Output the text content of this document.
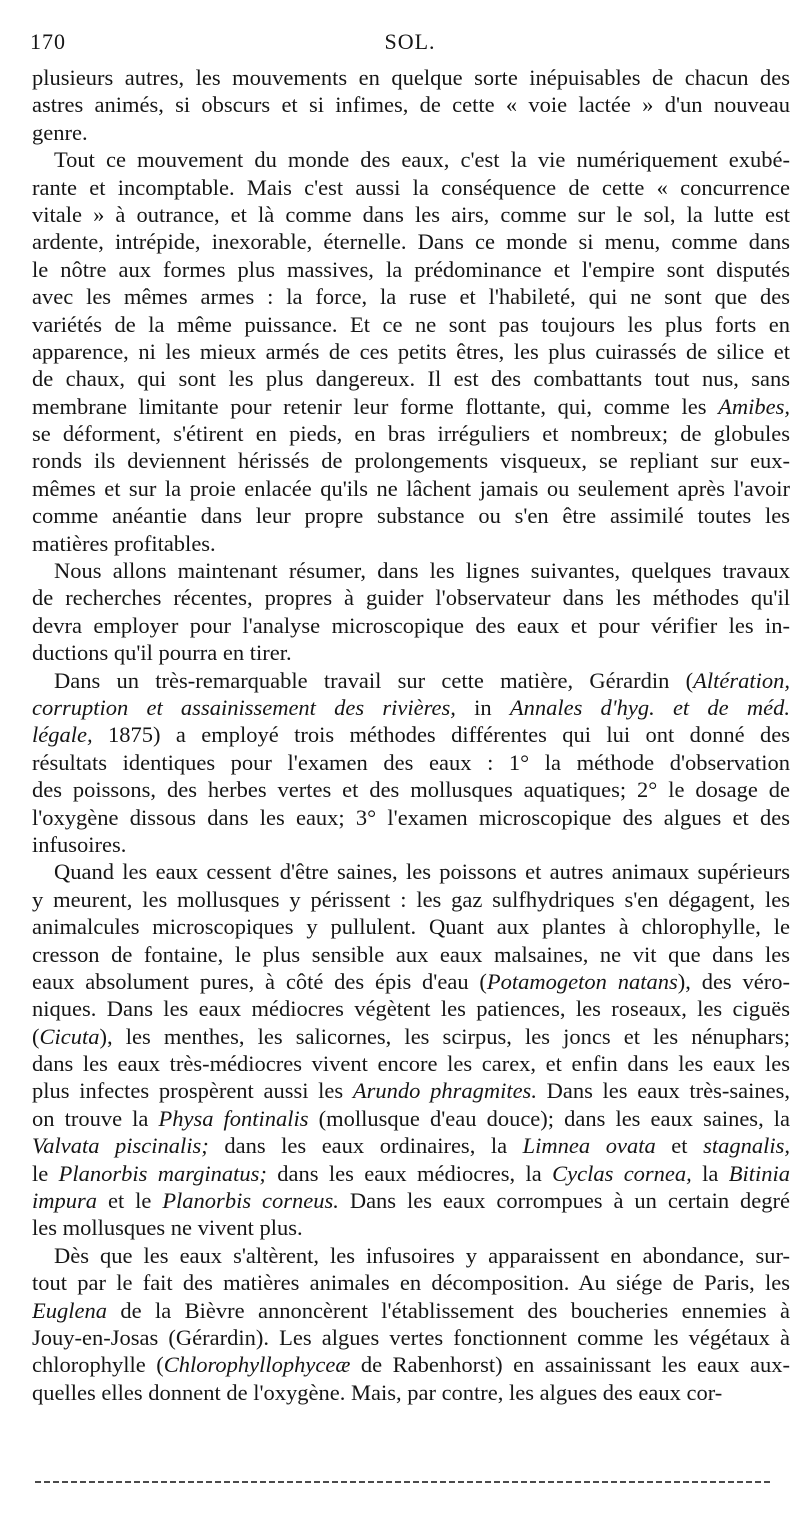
170	SOL.
plusieurs autres, les mouvements en quelque sorte inépuisables de chacun des
astres animés, si obscurs et si infimes, de cette « voie lactée » d'un nouveau
genre.
Tout ce mouvement du monde des eaux, c'est la vie numériquement exubé-
rante et incomptable. Mais c'est aussi la conséquence de cette « concurrence
vitale » à outrance, et là comme dans les airs, comme sur le sol, la lutte est
ardente, intrépide, inexorable, éternelle. Dans ce monde si menu, comme dans
le nôtre aux formes plus massives, la prédominance et l'empire sont disputés
avec les mêmes armes : la force, la ruse et l'habileté, qui ne sont que des
variétés de la même puissance. Et ce ne sont pas toujours les plus forts en
apparence, ni les mieux armés de ces petits êtres, les plus cuirassés de silice et
de chaux, qui sont les plus dangereux. Il est des combattants tout nus, sans
membrane limitante pour retenir leur forme flottante, qui, comme les Amibes,
se déforment, s'étirent en pieds, en bras irréguliers et nombreux; de globules
ronds ils deviennent hérissés de prolongements visqueux, se repliant sur eux-
mêmes et sur la proie enlacée qu'ils ne lâchent jamais ou seulement après l'avoir
comme anéantie dans leur propre substance ou s'en être assimilé toutes les
matières profitables.
Nous allons maintenant résumer, dans les lignes suivantes, quelques travaux
de recherches récentes, propres à guider l'observateur dans les méthodes qu'il
devra employer pour l'analyse microscopique des eaux et pour vérifier les in-
ductions qu'il pourra en tirer.
Dans un très-remarquable travail sur cette matière, Gérardin (Altération,
corruption et assainissement des rivières, in Annales d'hyg. et de méd.
légale, 1875) a employé trois méthodes différentes qui lui ont donné des
résultats identiques pour l'examen des eaux : 1° la méthode d'observation
des poissons, des herbes vertes et des mollusques aquatiques; 2° le dosage de
l'oxygène dissous dans les eaux; 3° l'examen microscopique des algues et des
infusoires.
Quand les eaux cessent d'être saines, les poissons et autres animaux supérieurs
y meurent, les mollusques y périssent : les gaz sulfhydriques s'en dégagent, les
animalcules microscopiques y pullulent. Quant aux plantes à chlorophylle, le
cresson de fontaine, le plus sensible aux eaux malsaines, ne vit que dans les
eaux absolument pures, à côté des épis d'eau (Potamogeton natans), des véro-
niques. Dans les eaux médiocres végètent les patiences, les roseaux, les ciguës
(Cicuta), les menthes, les salicornes, les scirpus, les joncs et les nénuphars;
dans les eaux très-médiocres vivent encore les carex, et enfin dans les eaux les
plus infectes prospèrent aussi les Arundo phragmites. Dans les eaux très-saines,
on trouve la Physa fontinalis (mollusque d'eau douce); dans les eaux saines, la
Valvata piscinalis; dans les eaux ordinaires, la Limnea ovata et stagnalis,
le Planorbis marginatus; dans les eaux médiocres, la Cyclas cornea, la Bitinia
impura et le Planorbis corneus. Dans les eaux corrompues à un certain degré
les mollusques ne vivent plus.
Dès que les eaux s'altèrent, les infusoires y apparaissent en abondance, sur-
tout par le fait des matières animales en décomposition. Au siége de Paris, les
Euglena de la Bièvre annoncèrent l'établissement des boucheries ennemies à
Jouy-en-Josas (Gérardin). Les algues vertes fonctionnent comme les végétaux à
chlorophylle (Chlorophyllophyceæ de Rabenhorst) en assainissant les eaux aux-
quelles elles donnent de l'oxygène. Mais, par contre, les algues des eaux cor-
